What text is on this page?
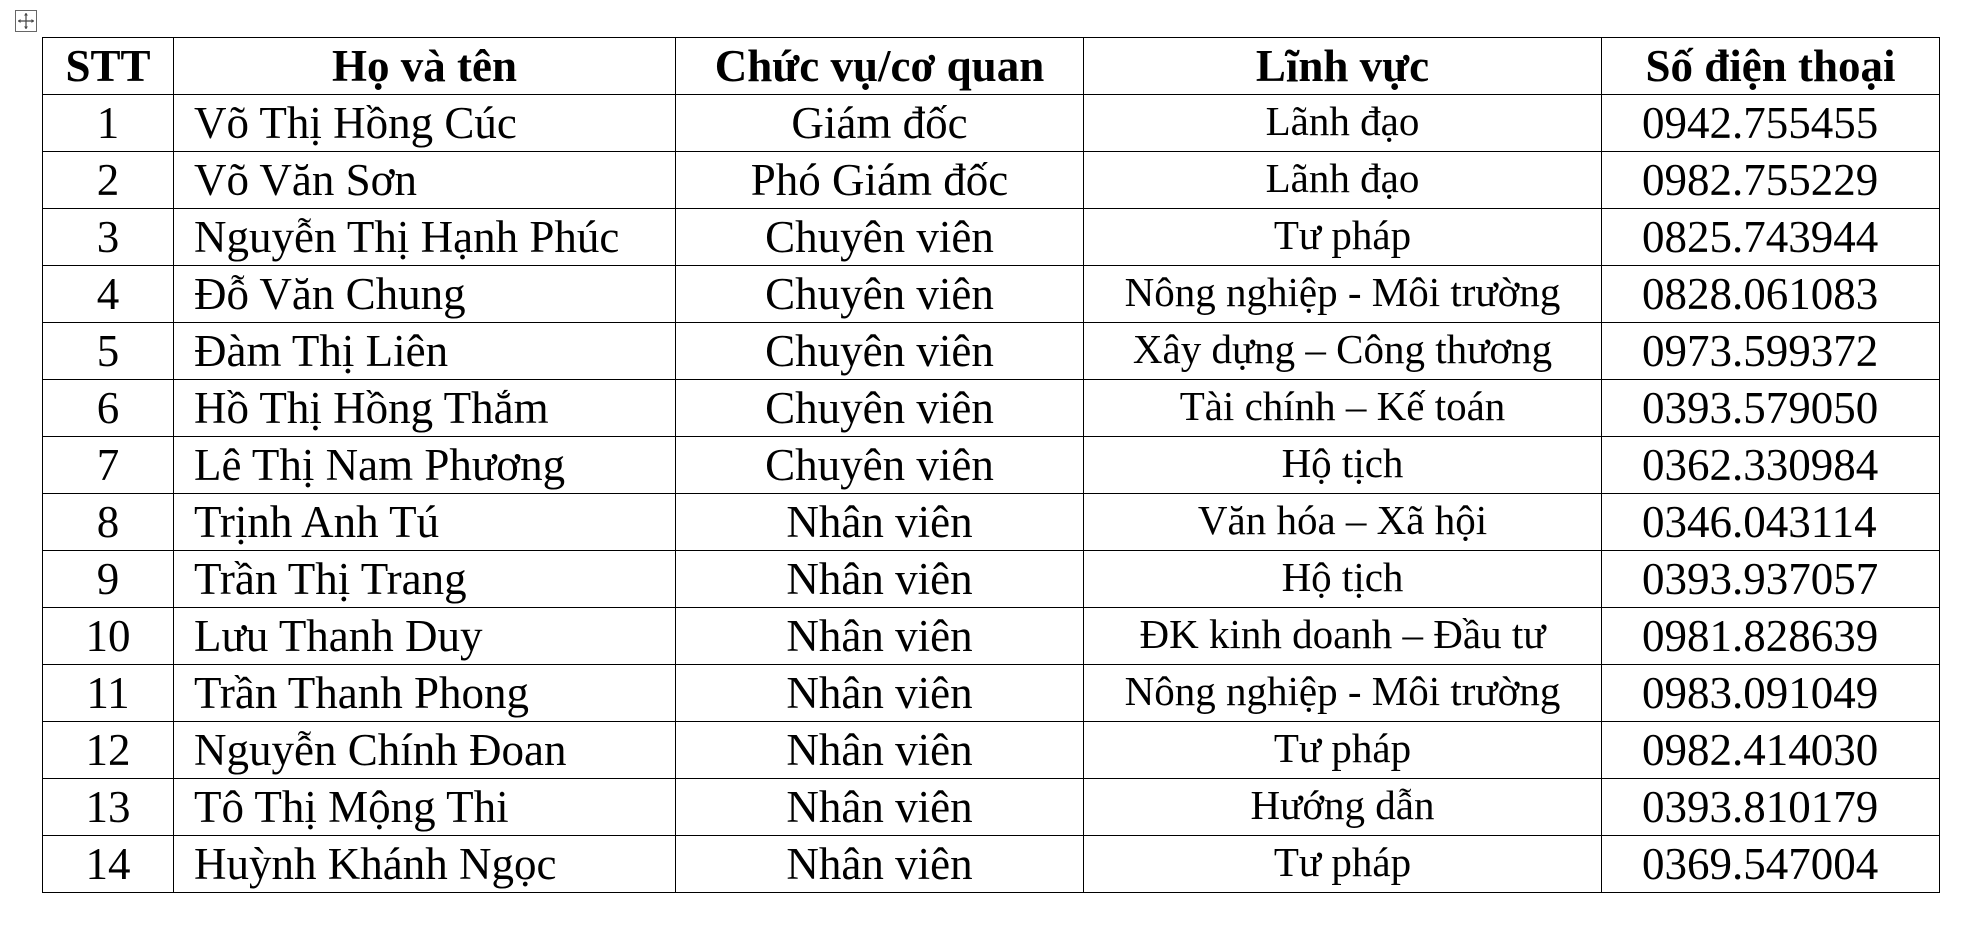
STT	Họ và tên	Chức vụ/cơ quan	Lĩnh vực	Số điện thoại
1	Võ Thị Hồng Cúc	Giám đốc	Lãnh đạo	0942.755455
2	Võ Văn Sơn	Phó Giám đốc	Lãnh đạo	0982.755229
3	Nguyễn Thị Hạnh Phúc	Chuyên viên	Tư pháp	0825.743944
4	Đỗ Văn Chung	Chuyên viên	Nông nghiệp - Môi trường	0828.061083
5	Đàm Thị Liên	Chuyên viên	Xây dựng – Công thương	0973.599372
6	Hồ Thị Hồng Thắm	Chuyên viên	Tài chính – Kế toán	0393.579050
7	Lê Thị Nam Phương	Chuyên viên	Hộ tịch	0362.330984
8	Trịnh Anh Tú	Nhân viên	Văn hóa – Xã hội	0346.043114
9	Trần Thị Trang	Nhân viên	Hộ tịch	0393.937057
10	Lưu Thanh Duy	Nhân viên	ĐK kinh doanh – Đầu tư	0981.828639
11	Trần Thanh Phong	Nhân viên	Nông nghiệp - Môi trường	0983.091049
12	Nguyễn Chính Đoan	Nhân viên	Tư pháp	0982.414030
13	Tô Thị Mộng Thi	Nhân viên	Hướng dẫn	0393.810179
14	Huỳnh Khánh Ngọc	Nhân viên	Tư pháp	0369.547004
